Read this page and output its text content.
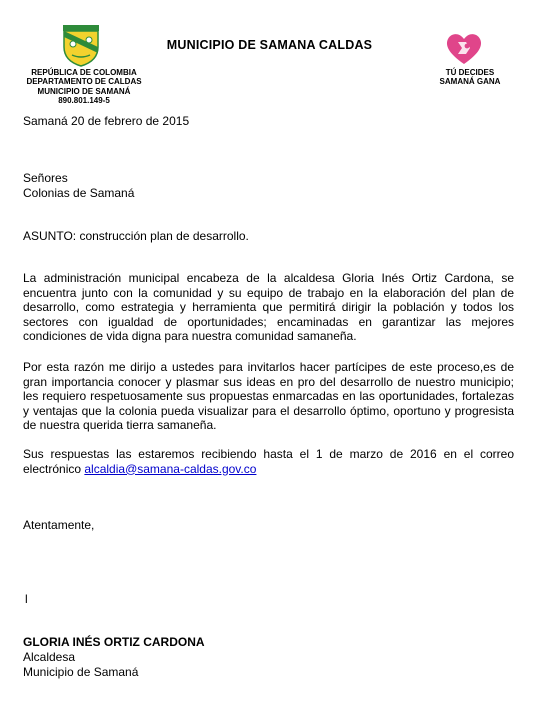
MUNICIPIO DE SAMANA CALDAS
REPÚBLICA DE COLOMBIA
DEPARTAMENTO DE CALDAS
MUNICIPIO DE SAMANÁ
890.801.149-5
TÚ DECIDES
SAMANÁ GANA
Samaná 20 de febrero de 2015
Señores
Colonias de Samaná
ASUNTO: construcción plan de desarrollo.
La administración municipal encabeza de la alcaldesa Gloria Inés Ortiz Cardona, se encuentra junto con la comunidad y su equipo de trabajo en la elaboración del plan de desarrollo, como estrategia y herramienta que permitirá dirigir la población y todos los sectores con igualdad de oportunidades; encaminadas en garantizar las mejores condiciones de vida digna para nuestra comunidad samaneña.
Por esta razón me dirijo a ustedes para invitarlos hacer partícipes de este proceso,es de gran importancia conocer y plasmar sus ideas en pro del desarrollo de nuestro municipio; les requiero respetuosamente sus propuestas enmarcadas en las oportunidades, fortalezas y ventajas que la colonia pueda visualizar para el desarrollo óptimo, oportuno y progresista de nuestra querida tierra samaneña.
Sus respuestas las estaremos recibiendo hasta el 1 de marzo de 2016 en el correo electrónico alcaldia@samana-caldas.gov.co
Atentamente,
l
GLORIA INÉS ORTIZ CARDONA
Alcaldesa
Municipio de Samaná
